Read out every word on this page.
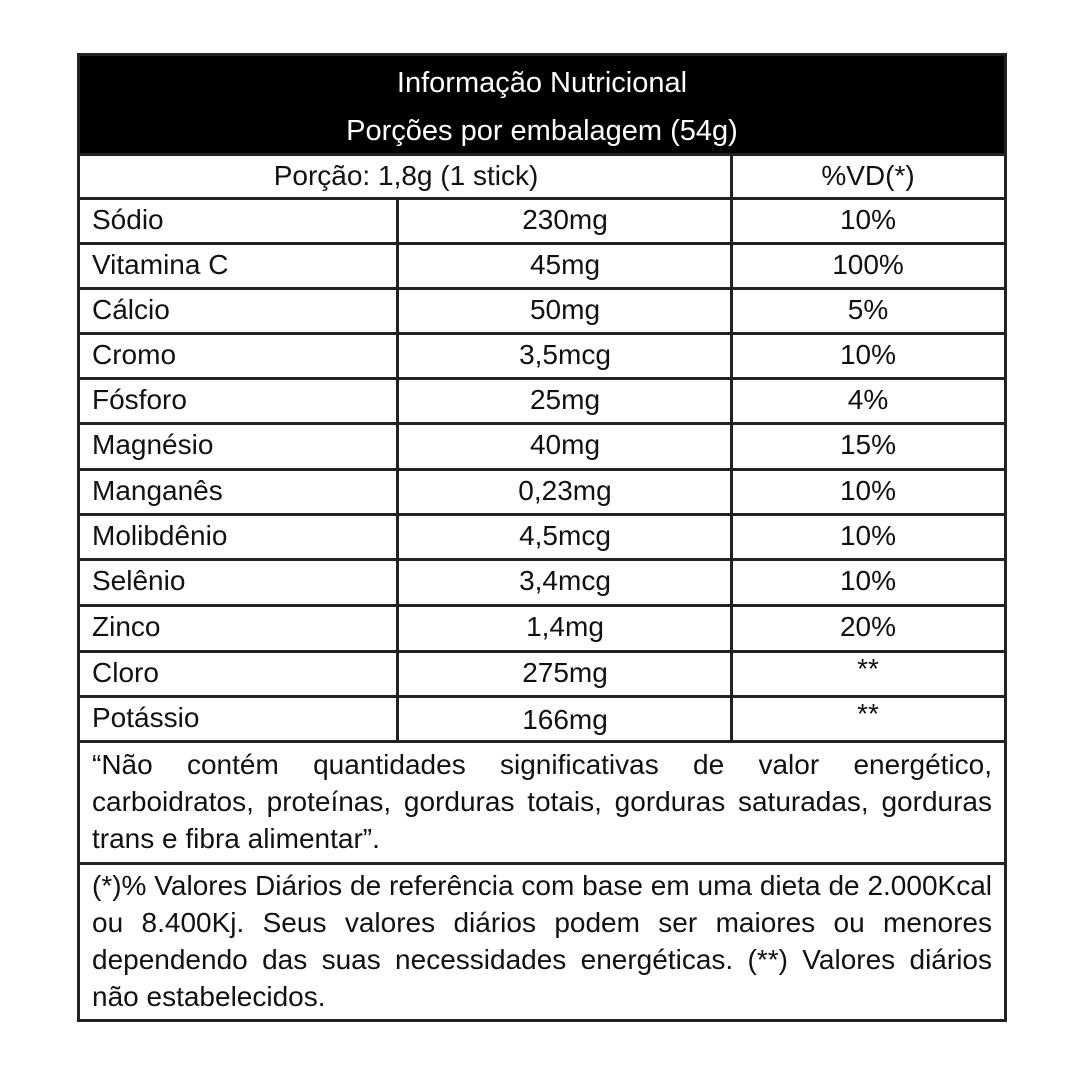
Informação Nutricional
Porções por embalagem (54g)
Porção: 1,8g (1 stick)	%VD(*)
Sódio	230mg	10%
Vitamina C	45mg	100%
Cálcio	50mg	5%
Cromo	3,5mcg	10%
Fósforo	25mg	4%
Magnésio	40mg	15%
Manganês	0,23mg	10%
Molibdênio	4,5mcg	10%
Selênio	3,4mcg	10%
Zinco	1,4mg	20%
Cloro	275mg	**
Potássio	166mg	**
“Não contém quantidades significativas de valor energético, carboidratos, proteínas, gorduras totais, gorduras saturadas, gorduras trans e fibra alimentar”.
(*)% Valores Diários de referência com base em uma dieta de 2.000Kcal ou 8.400Kj. Seus valores diários podem ser maiores ou menores dependendo das suas necessidades energéticas. (**) Valores diários não estabelecidos.
